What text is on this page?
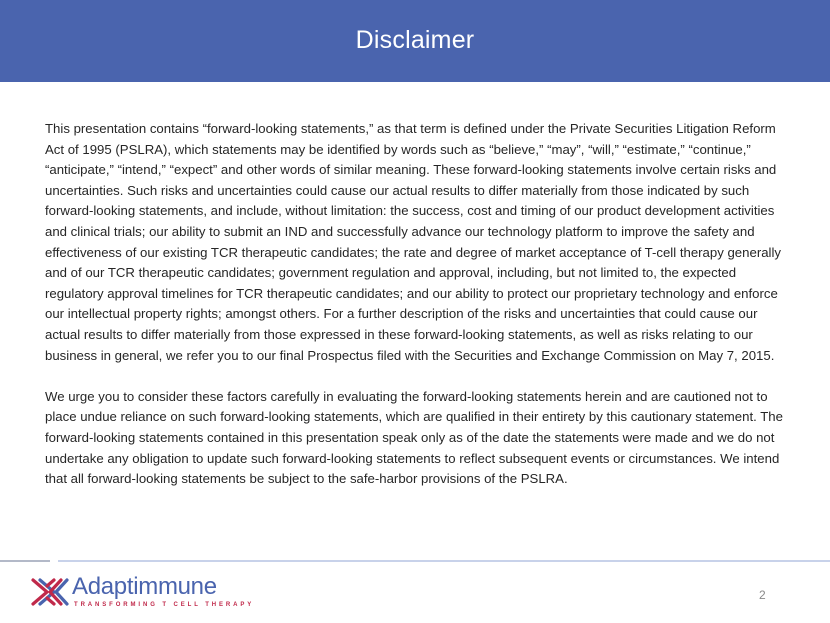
Disclaimer

This presentation contains “forward-looking statements,” as that term is defined under the Private Securities Litigation Reform Act of 1995 (PSLRA), which statements may be identified by words such as “believe,” “may”, “will,” “estimate,” “continue,” “anticipate,” “intend,” “expect” and other words of similar meaning. These forward-looking statements involve certain risks and uncertainties. Such risks and uncertainties could cause our actual results to differ materially from those indicated by such forward-looking statements, and include, without limitation: the success, cost and timing of our product development activities and clinical trials; our ability to submit an IND and successfully advance our technology platform to improve the safety and effectiveness of our existing TCR therapeutic candidates; the rate and degree of market acceptance of T-cell therapy generally and of our TCR therapeutic candidates; government regulation and approval, including, but not limited to, the expected regulatory approval timelines for TCR therapeutic candidates; and our ability to protect our proprietary technology and enforce our intellectual property rights; amongst others. For a further description of the risks and uncertainties that could cause our actual results to differ materially from those expressed in these forward-looking statements, as well as risks relating to our business in general, we refer you to our final Prospectus filed with the Securities and Exchange Commission on May 7, 2015.

We urge you to consider these factors carefully in evaluating the forward-looking statements herein and are cautioned not to place undue reliance on such forward-looking statements, which are qualified in their entirety by this cautionary statement. The forward-looking statements contained in this presentation speak only as of the date the statements were made and we do not undertake any obligation to update such forward-looking statements to reflect subsequent events or circumstances. We intend that all forward-looking statements be subject to the safe-harbor provisions of the PSLRA.

Adaptimmune
TRANSFORMING T CELL THERAPY
2
